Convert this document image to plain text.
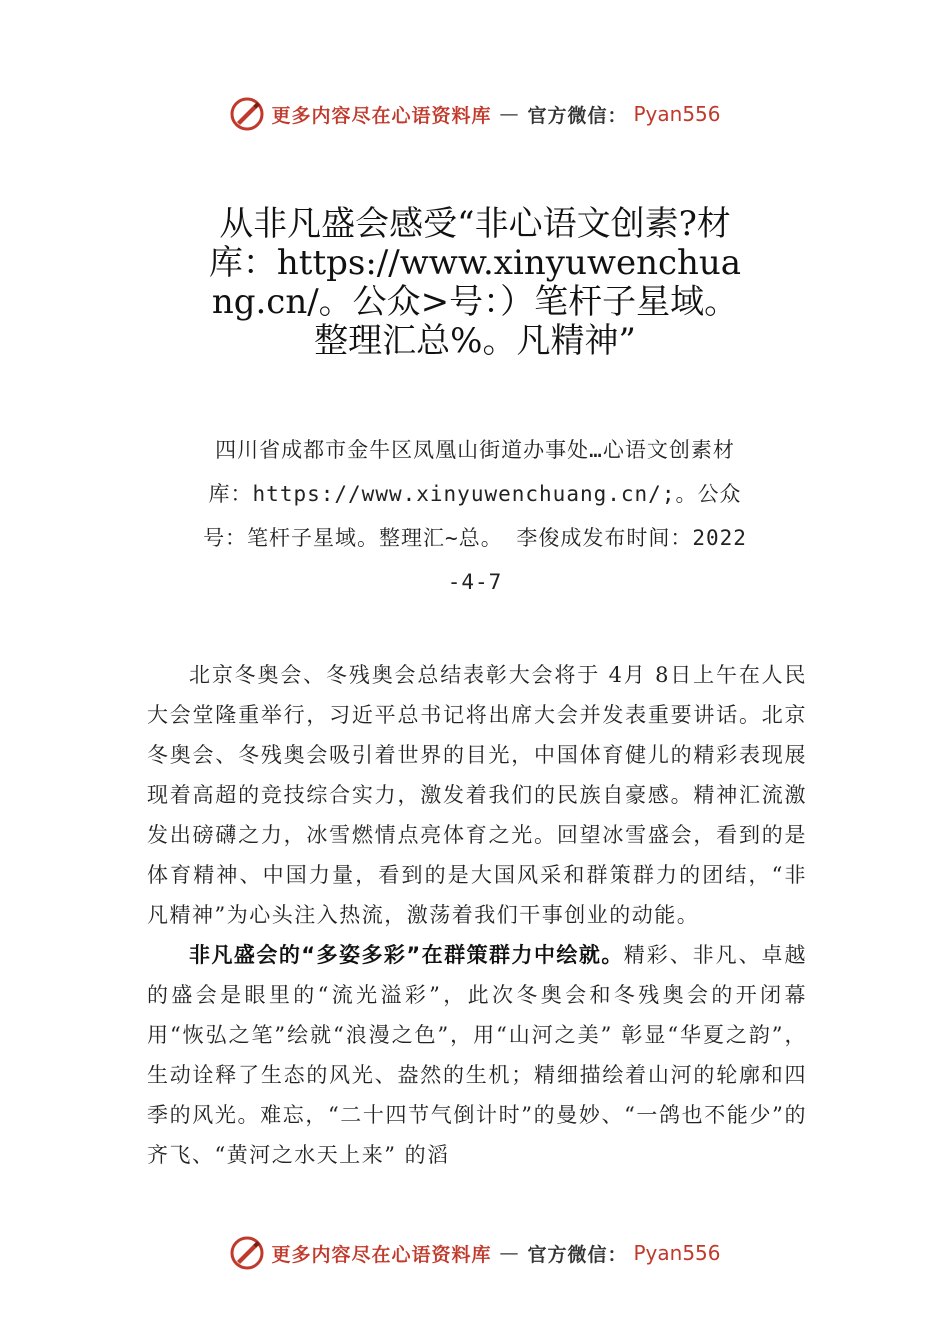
更多内容尽在心语资料库 — 官方微信： Pyan556
从非凡盛会感受“非心语文创素?材库：https://www.xinyuwenchuang.cn/。公众>号：）笔杆子星域。整理汇总%。凡精神”
四川省成都市金牛区凤凰山街道办事处…心语文创素材库：https://www.xinyuwenchuang.cn/;。公众号：笔杆子星域。整理汇~总。 李俊成发布时间：2022-4-7

北京冬奥会、冬残奥会总结表彰大会将于 4月 8日上午在人民大会堂隆重举行，习近平总书记将出席大会并发表重要讲话。北京冬奥会、冬残奥会吸引着世界的目光，中国体育健儿的精彩表现展现着高超的竞技综合实力，激发着我们的民族自豪感。精神汇流激发出磅礴之力，冰雪燃情点亮体育之光。回望冰雪盛会，看到的是体育精神、中国力量，看到的是大国风采和群策群力的团结，“非凡精神”为心头注入热流，激荡着我们干事创业的动能。

非凡盛会的“多姿多彩”在群策群力中绘就。精彩、非凡、卓越的盛会是眼里的“流光溢彩”，此次冬奥会和冬残奥会的开闭幕用“恢弘之笔”绘就“浪漫之色”，用“山河之美” 彰显“华夏之韵”，生动诠释了生态的风光、盎然的生机；精细描绘着山河的轮廓和四季的风光。难忘，“二十四节气倒计时”的曼妙、“一鸽也不能少”的齐飞、“黄河之水天上来” 的滔

更多内容尽在心语资料库 — 官方微信： Pyan556
